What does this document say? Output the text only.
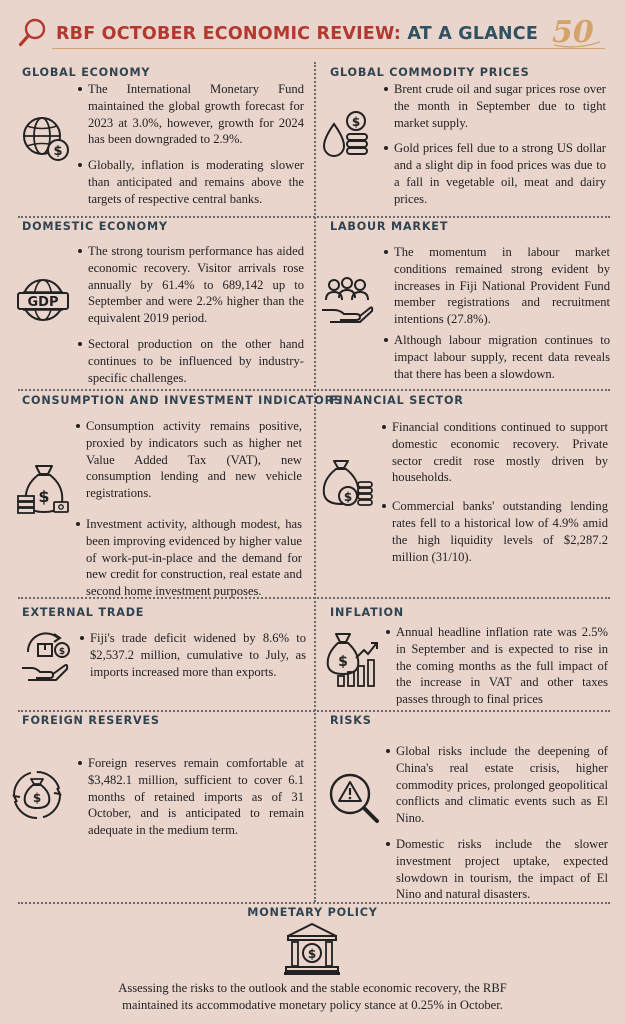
RBF OCTOBER ECONOMIC REVIEW: AT A GLANCE 50
GLOBAL ECONOMY
$
The International Monetary Fund maintained the global growth forecast for 2023 at 3.0%, however, growth for 2024 has been downgraded to 2.9%.
Globally, inflation is moderating slower than anticipated and remains above the targets of respective central banks.
GLOBAL COMMODITY PRICES
$
Brent crude oil and sugar prices rose over the month in September due to tight market supply.
Gold prices fell due to a strong US dollar and a slight dip in food prices was due to a fall in vegetable oil, meat and dairy prices.
DOMESTIC ECONOMY
GDP
The strong tourism performance has aided economic recovery. Visitor arrivals rose annually by 61.4% to 689,142 up to September and were 2.2% higher than the equivalent 2019 period.
Sectoral production on the other hand continues to be influenced by industry-specific challenges.
LABOUR MARKET
The momentum in labour market conditions remained strong evident by increases in Fiji National Provident Fund member registrations and recruitment intentions (27.8%).
Although labour migration continues to impact labour supply, recent data reveals that there has been a slowdown.
CONSUMPTION AND INVESTMENT INDICATORS
$
Consumption activity remains positive, proxied by indicators such as higher net Value Added Tax (VAT), new consumption lending and new vehicle registrations.
Investment activity, although modest, has been improving evidenced by higher value of work-put-in-place and the demand for new credit for construction, real estate and second home investment purposes.
FINANCIAL SECTOR
$
Financial conditions continued to support domestic economic recovery. Private sector credit rose mostly driven by households.
Commercial banks' outstanding lending rates fell to a historical low of 4.9% amid the high liquidity levels of $2,287.2 million (31/10).
EXTERNAL TRADE
$
Fiji's trade deficit widened by 8.6% to $2,537.2 million, cumulative to July, as imports increased more than exports.
INFLATION
$
Annual headline inflation rate was 2.5% in September and is expected to rise in the coming months as the full impact of the increase in VAT and other taxes passes through to final prices
FOREIGN RESERVES
$
Foreign reserves remain comfortable at $3,482.1 million, sufficient to cover 6.1 months of retained imports as of 31 October, and is anticipated to remain adequate in the medium term.
RISKS
Global risks include the deepening of China's real estate crisis, higher commodity prices, prolonged geopolitical conflicts and climatic events such as El Nino.
Domestic risks include the slower investment project uptake, expected slowdown in tourism, the impact of El Nino and natural disasters.
MONETARY POLICY
$
Assessing the risks to the outlook and the stable economic recovery, the RBF maintained its accommodative monetary policy stance at 0.25% in October.
